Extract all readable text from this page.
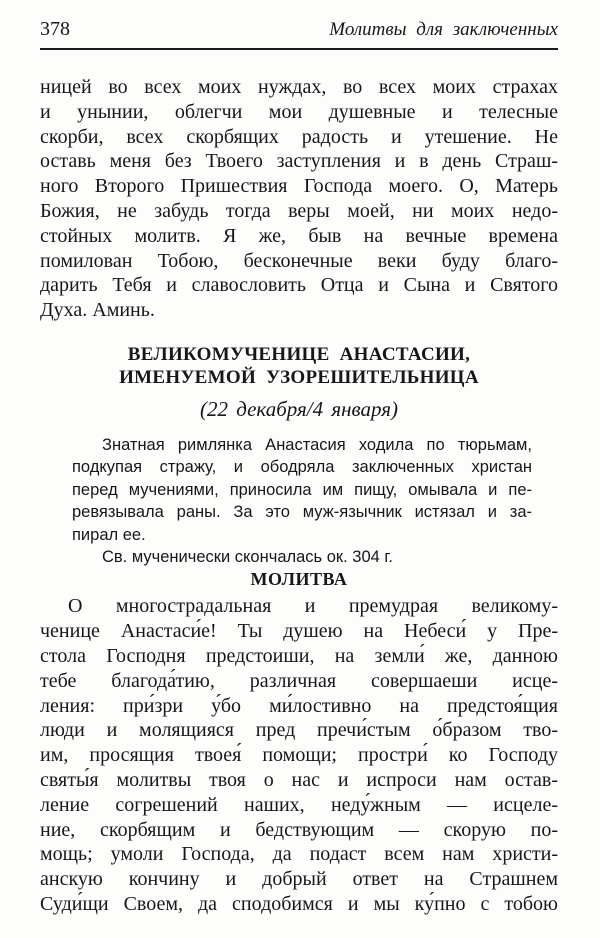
378	Молитвы для заключенных
ницей во всех моих нуждах, во всех моих страхах
и унынии, облегчи мои душевные и телесные
скорби, всех скорбящих радость и утешение. Не
оставь меня без Твоего заступления и в день Страш-
ного Второго Пришествия Господа моего. О, Матерь
Божия, не забудь тогда веры моей, ни моих недо-
стойных молитв. Я же, быв на вечные времена
помилован Тобою, бесконечные веки буду благо-
дарить Тебя и славословить Отца и Сына и Святого
Духа. Аминь.
ВЕЛИКОМУЧЕНИЦЕ АНАСТАСИИ,
ИМЕНУЕМОЙ УЗОРЕШИТЕЛЬНИЦА
(22 декабря/4 января)
Знатная римлянка Анастасия ходила по тюрьмам,
подкупая стражу, и ободряла заключенных христан
перед мучениями, приносила им пищу, омывала и пе-
ревязывала раны. За это муж-язычник истязал и за-
пирал ее.
Св. мученически скончалась ок. 304 г.
МОЛИТВА
О многострадальная и премудрая великому-
ченице Анастаси́е! Ты душею на Небеси́ у Пре-
стола Господня предстоиши, на земли́ же, данною
тебе благода́тию, различная совершаеши исце-
ления: при́зри у́бо ми́лостивно на предстоя́щия
люди и молящияся пред пречи́стым о́бразом тво-
им, просящия твоея́ помощи; простри́ ко Господу
святы́я молитвы твоя о нас и испроси нам остав-
ление согрешений наших, неду́жным — исцеле-
ние, скорбящим и бедствующим — скорую по-
мощь; умоли Господа, да подаст всем нам христи-
анскую кончину и добрый ответ на Страшнем
Суди́щи Своем, да сподобимся и мы ку́пно с тобою
